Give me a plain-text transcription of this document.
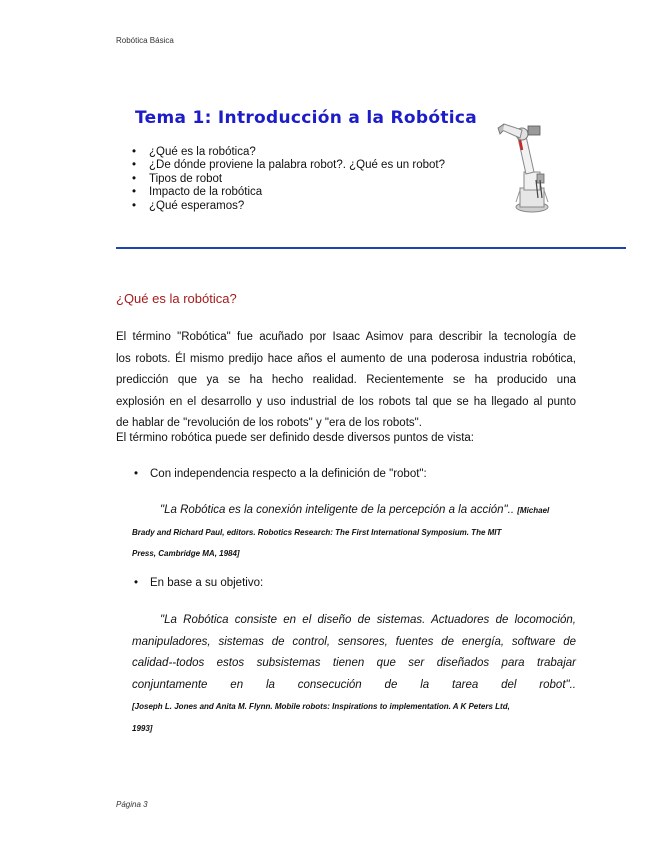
Robótica Básica
Tema 1: Introducción a la Robótica
• ¿Qué es la robótica?
• ¿De dónde proviene la palabra robot?. ¿Qué es un robot?
• Tipos de robot
• Impacto de la robótica
• ¿Qué esperamos?
¿Qué es la robótica?
El término "Robótica" fue acuñado por Isaac Asimov para describir la tecnología de
los robots. Él mismo predijo hace años el aumento de una poderosa industria robótica,
predicción que ya se ha hecho realidad. Recientemente se ha producido una
explosión en el desarrollo y uso industrial de los robots tal que se ha llegado al punto
de hablar de "revolución de los robots" y "era de los robots".
El término robótica puede ser definido desde diversos puntos de vista:
• Con independencia respecto a la definición de "robot":
"La Robótica es la conexión inteligente de la percepción a la acción".. [Michael
Brady and Richard Paul, editors. Robotics Research: The First International Symposium. The MIT
Press, Cambridge MA, 1984]
• En base a su objetivo:
"La Robótica consiste en el diseño de sistemas. Actuadores de locomoción,
manipuladores, sistemas de control, sensores, fuentes de energía, software de
calidad--todos estos subsistemas tienen que ser diseñados para trabajar
conjuntamente en la consecución de la tarea del robot"..
[Joseph L. Jones and Anita M. Flynn. Mobile robots: Inspirations to implementation. A K Peters Ltd,
1993]
Página 3
